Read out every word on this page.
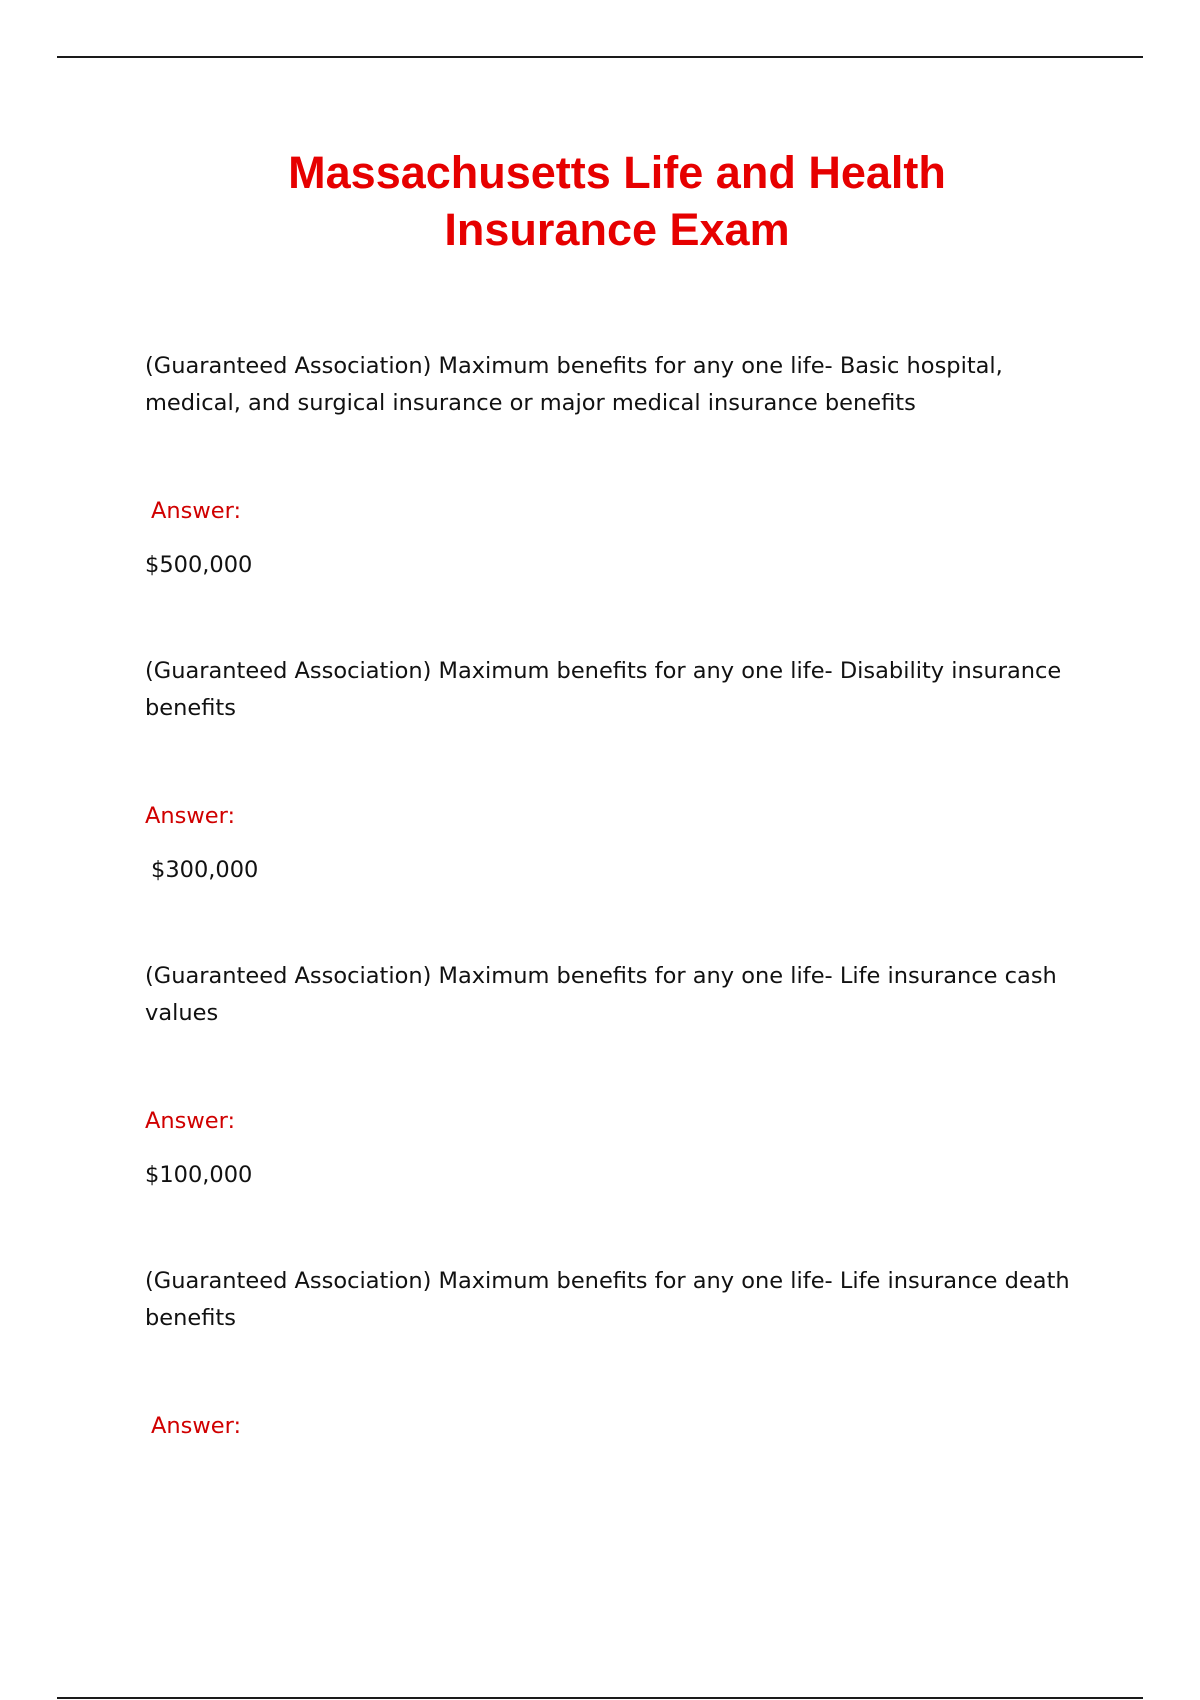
Massachusetts Life and Health
Insurance Exam

(Guaranteed Association) Maximum benefits for any one life- Basic hospital, medical, and surgical insurance or major medical insurance benefits

Answer:
$500,000

(Guaranteed Association) Maximum benefits for any one life- Disability insurance benefits

Answer:
$300,000

(Guaranteed Association) Maximum benefits for any one life- Life insurance cash values

Answer:
$100,000

(Guaranteed Association) Maximum benefits for any one life- Life insurance death benefits

Answer:
